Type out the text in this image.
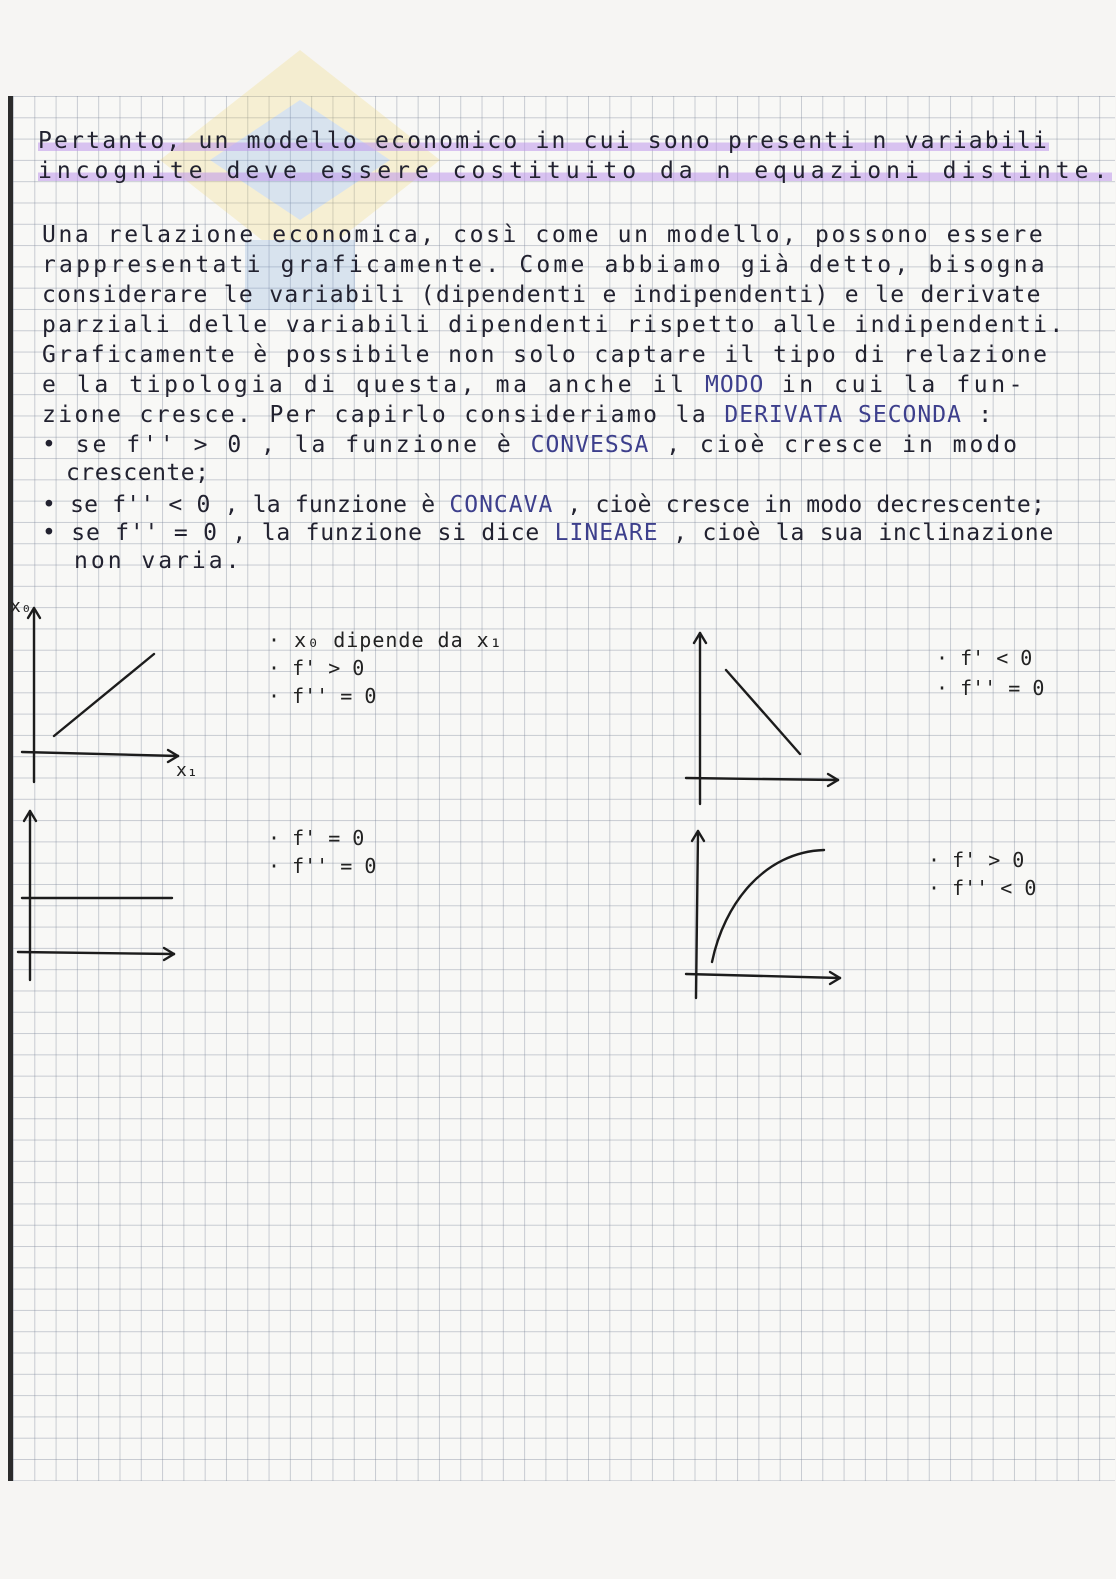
Pertanto, un modello economico in cui sono presenti n variabili
incognite deve essere costituito da n equazioni distinte.
Una relazione economica, così come un modello, possono essere
rappresentati graficamente. Come abbiamo già detto, bisogna
considerare le variabili (dipendenti e indipendenti) e le derivate
parziali delle variabili dipendenti rispetto alle indipendenti.
Graficamente è possibile non solo captare il tipo di relazione
e la tipologia di questa, ma anche il MODO in cui la fun-
zione cresce. Per capirlo consideriamo la DERIVATA SECONDA :
• se f'' > 0 , la funzione è CONVESSA , cioè cresce in modo
crescente;
• se f'' < 0 , la funzione è CONCAVA , cioè cresce in modo decrescente;
• se f'' = 0 , la funzione si dice LINEARE , cioè la sua inclinazione
non varia.
x₀
x₁
· x₀ dipende da x₁
· f' > 0
· f'' = 0
· f' < 0
· f'' = 0
· f' = 0
· f'' = 0	· f' > 0
· f'' < 0
